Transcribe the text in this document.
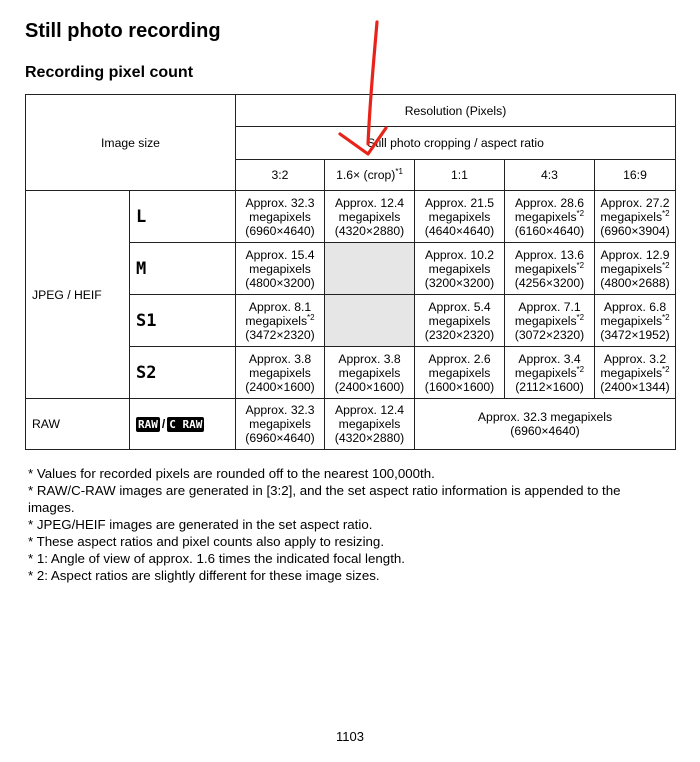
Still photo recording
Recording pixel count
Image size		Resolution (Pixels)				
		Still photo cropping / aspect ratio				
		3:2	1.6× (crop)$^{*1}$	1:1	4:3	16:9
JPEG / HEIF	L	Approx. 32.3
megapixels
(6960×4640)	Approx. 12.4
megapixels
(4320×2880)	Approx. 21.5
megapixels
(4640×4640)	Approx. 28.6
megapixels$^{*2}$
(6160×4640)	Approx. 27.2
megapixels$^{*2}$
(6960×3904)
	M	Approx. 15.4
megapixels
(4800×3200)		Approx. 10.2
megapixels
(3200×3200)	Approx. 13.6
megapixels$^{*2}$
(4256×3200)	Approx. 12.9
megapixels$^{*2}$
(4800×2688)
	S1	Approx. 8.1
megapixels$^{*2}$
(3472×2320)		Approx. 5.4
megapixels
(2320×2320)	Approx. 7.1
megapixels$^{*2}$
(3072×2320)	Approx. 6.8
megapixels$^{*2}$
(3472×1952)
	S2	Approx. 3.8
megapixels
(2400×1600)	Approx. 3.8
megapixels
(2400×1600)	Approx. 2.6
megapixels
(1600×1600)	Approx. 3.4
megapixels$^{*2}$
(2112×1600)	Approx. 3.2
megapixels$^{*2}$
(2400×1344)
RAW	RAW / C RAW	Approx. 32.3
megapixels
(6960×4640)	Approx. 12.4
megapixels
(4320×2880)	Approx. 32.3 megapixels
(6960×4640)		
* Values for recorded pixels are rounded off to the nearest 100,000th.
* RAW/C-RAW images are generated in [3:2], and the set aspect ratio information is appended to the images.
* JPEG/HEIF images are generated in the set aspect ratio.
* These aspect ratios and pixel counts also apply to resizing.
* 1: Angle of view of approx. 1.6 times the indicated focal length.
* 2: Aspect ratios are slightly different for these image sizes.
1103
